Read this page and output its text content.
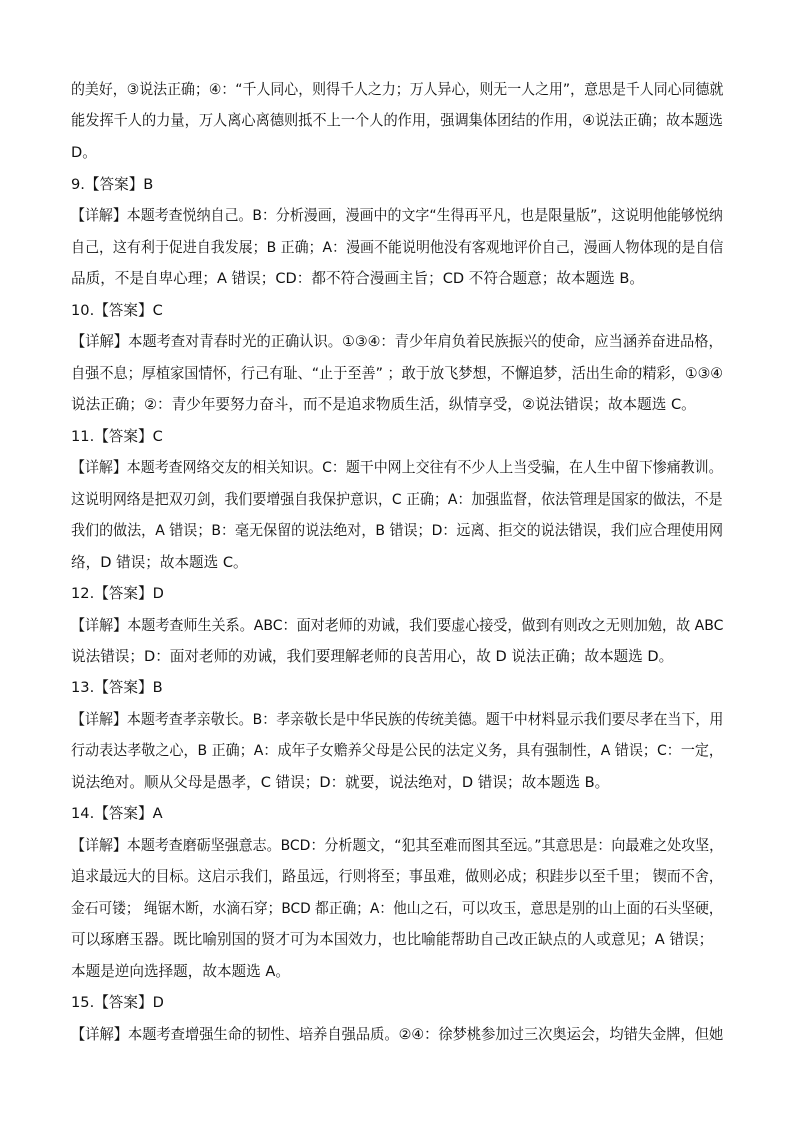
的美好，③说法正确；④：“千人同心，则得千人之力；万人异心，则无一人之用”，意思是千人同心同德就
能发挥千人的力量，万人离心离德则抵不上一个人的作用，强调集体团结的作用，④说法正确；故本题选
D。
9.【答案】B
【详解】本题考查悦纳自己。B：分析漫画，漫画中的文字“生得再平凡，也是限量版”，这说明他能够悦纳
自己，这有利于促进自我发展；B 正确；A：漫画不能说明他没有客观地评价自己，漫画人物体现的是自信
品质，不是自卑心理；A 错误；CD：都不符合漫画主旨；CD 不符合题意；故本题选 B。
10.【答案】C
【详解】本题考查对青春时光的正确认识。①③④：青少年肩负着民族振兴的使命，应当涵养奋进品格，
自强不息；厚植家国情怀，行己有耻、“止于至善” ；敢于放飞梦想，不懈追梦，活出生命的精彩，①③④
说法正确；②：青少年要努力奋斗，而不是追求物质生活，纵情享受，②说法错误；故本题选 C。
11.【答案】C
【详解】本题考查网络交友的相关知识。C：题干中网上交往有不少人上当受骗，在人生中留下惨痛教训。
这说明网络是把双刃剑，我们要增强自我保护意识，C 正确；A：加强监督，依法管理是国家的做法，不是
我们的做法，A 错误；B：毫无保留的说法绝对，B 错误；D：远离、拒交的说法错误，我们应合理使用网
络，D 错误；故本题选 C。
12.【答案】D
【详解】本题考查师生关系。ABC：面对老师的劝诫，我们要虚心接受，做到有则改之无则加勉，故 ABC
说法错误；D：面对老师的劝诫，我们要理解老师的良苦用心，故 D 说法正确；故本题选 D。
13.【答案】B
【详解】本题考查孝亲敬长。B：孝亲敬长是中华民族的传统美德。题干中材料显示我们要尽孝在当下，用
行动表达孝敬之心，B 正确；A：成年子女赡养父母是公民的法定义务，具有强制性，A 错误；C：一定，
说法绝对。顺从父母是愚孝，C 错误；D：就要，说法绝对，D 错误；故本题选 B。
14.【答案】A
【详解】本题考查磨砺坚强意志。BCD：分析题文，“犯其至难而图其至远。”其意思是：向最难之处攻坚，
追求最远大的目标。这启示我们，路虽远，行则将至；事虽难，做则必成；积跬步以至千里； 锲而不舍，
金石可镂； 绳锯木断，水滴石穿；BCD 都正确；A：他山之石，可以攻玉，意思是别的山上面的石头坚硬，
可以琢磨玉器。既比喻别国的贤才可为本国效力，也比喻能帮助自己改正缺点的人或意见；A 错误；
本题是逆向选择题，故本题选 A。
15.【答案】D
【详解】本题考查增强生命的韧性、培养自强品质。②④：徐梦桃参加过三次奥运会，均错失金牌，但她
